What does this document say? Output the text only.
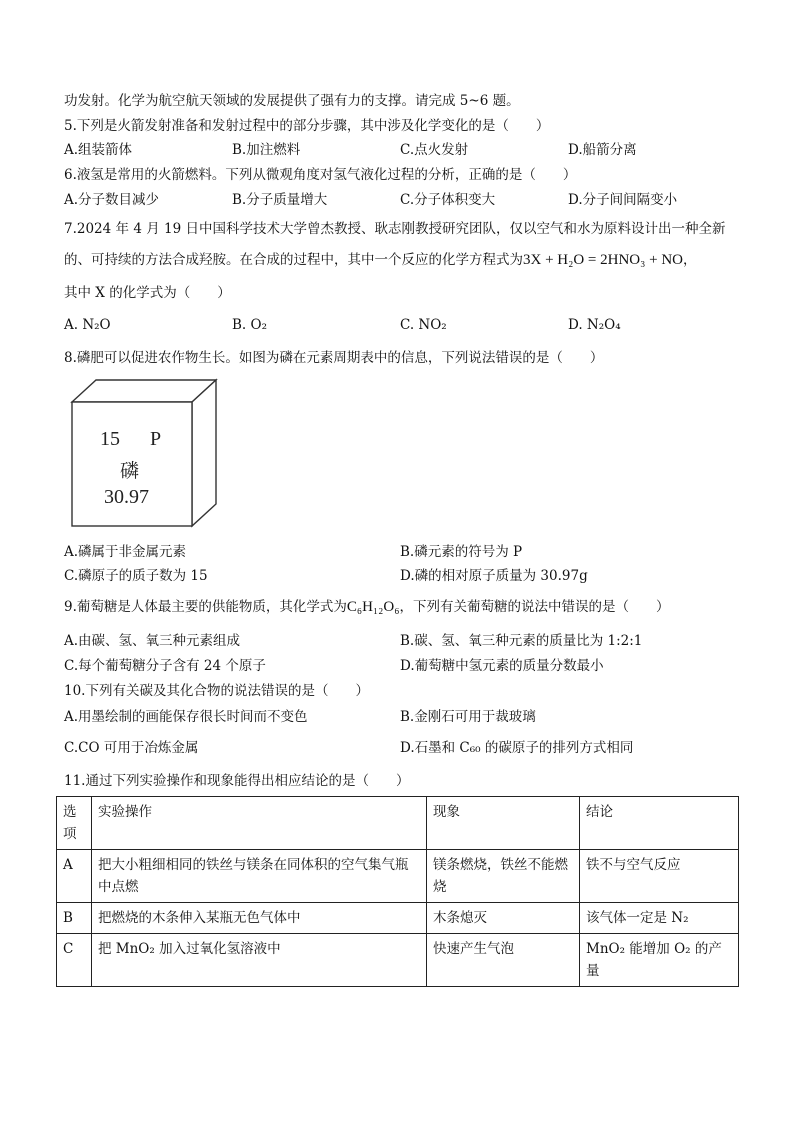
功发射。化学为航空航天领域的发展提供了强有力的支撑。请完成 5~6 题。
5.下列是火箭发射准备和发射过程中的部分步骤，其中涉及化学变化的是（　　）
A.组装箭体	B.加注燃料	C.点火发射	D.船箭分离
6.液氢是常用的火箭燃料。下列从微观角度对氢气液化过程的分析，正确的是（　　）
A.分子数目减少	B.分子质量增大	C.分子体积变大	D.分子间间隔变小
7.2024 年 4 月 19 日中国科学技术大学曾杰教授、耿志刚教授研究团队，仅以空气和水为原料设计出一种全新
的、可持续的方法合成羟胺。在合成的过程中，其中一个反应的化学方程式为3X + H₂O = 2HNO₃ + NO，
其中 X 的化学式为（　　）
A. N₂O	B. O₂	C. NO₂	D. N₂O₄
8.磷肥可以促进农作物生长。如图为磷在元素周期表中的信息，下列说法错误的是（　　）
15 P
磷
30.97
A.磷属于非金属元素	B.磷元素的符号为 P
C.磷原子的质子数为 15	D.磷的相对原子质量为 30.97g
9.葡萄糖是人体最主要的供能物质，其化学式为C₆H₁₂O₆，下列有关葡萄糖的说法中错误的是（　　）
A.由碳、氢、氧三种元素组成	B.碳、氢、氧三种元素的质量比为 1:2:1
C.每个葡萄糖分子含有 24 个原子	D.葡萄糖中氢元素的质量分数最小
10.下列有关碳及其化合物的说法错误的是（　　）
A.用墨绘制的画能保存很长时间而不变色	B.金刚石可用于裁玻璃
C.CO 可用于冶炼金属	D.石墨和 C₆₀ 的碳原子的排列方式相同
11.通过下列实验操作和现象能得出相应结论的是（　　）
选项	实验操作	现象	结论
A	把大小粗细相同的铁丝与镁条在同体积的空气集气瓶中点燃	镁条燃烧，铁丝不能燃烧	铁不与空气反应
B	把燃烧的木条伸入某瓶无色气体中	木条熄灭	该气体一定是 N₂
C	把 MnO₂ 加入过氧化氢溶液中	快速产生气泡	MnO₂ 能增加 O₂ 的产量
